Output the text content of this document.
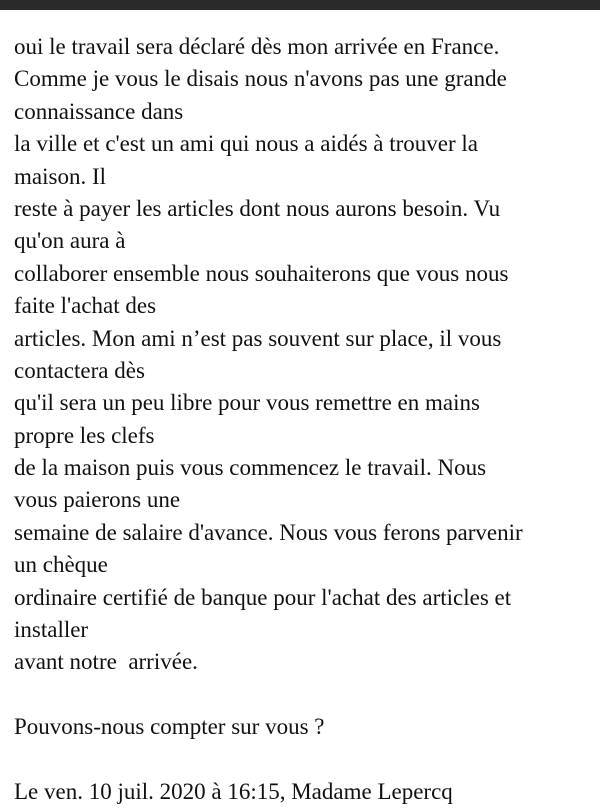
oui le travail sera déclaré dès mon arrivée en France.
Comme je vous le disais nous n'avons pas une grande
connaissance dans
la ville et c'est un ami qui nous a aidés à trouver la
maison. Il
reste à payer les articles dont nous aurons besoin. Vu
qu'on aura à
collaborer ensemble nous souhaiterons que vous nous
faite l'achat des
articles. Mon ami n’est pas souvent sur place, il vous
contactera dès
qu'il sera un peu libre pour vous remettre en mains
propre les clefs
de la maison puis vous commencez le travail. Nous
vous paierons une
semaine de salaire d'avance. Nous vous ferons parvenir
un chèque
ordinaire certifié de banque pour l'achat des articles et
installer
avant notre  arrivée.
Pouvons-nous compter sur vous ?
Le ven. 10 juil. 2020 à 16:15, Madame Lepercq
